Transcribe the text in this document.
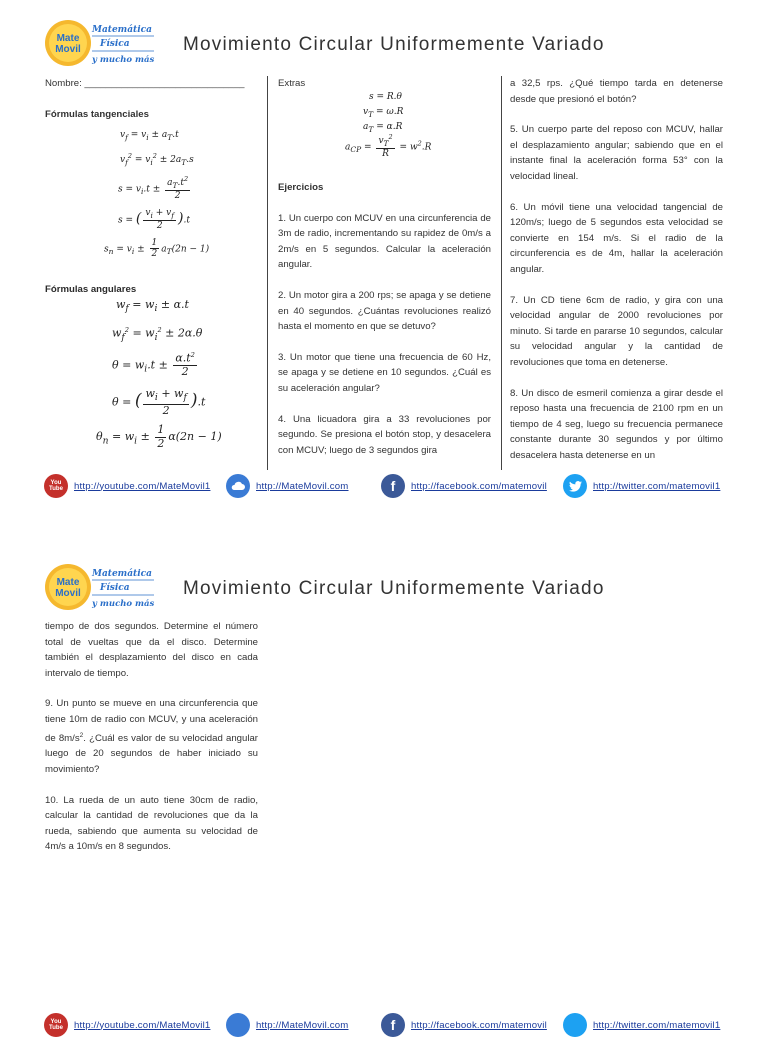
Mate
Movil
Matemática
Física
y mucho más
Movimiento Circular Uniformemente Variado
Nombre: ______________________________
Fórmulas tangenciales
$v_f = v_i \pm a_T.t$
$v_f^2 = v_i^2 \pm 2a_T.s$
$s = v_i.t \pm \frac{a_T.t^2}{2}$
s = ( $\frac{v_i + v_f}{2} ).t$
$s_n = v_i \pm \frac{1}{2} a_T(2n - 1)$
Fórmulas angulares
$w_f = w_i \pm \alpha.t$
$w_f^2 = w_i^2 \pm 2\alpha.\theta$
$\theta = w_i.t \pm \frac{\alpha.t^2}{2}$
θ = ( $\frac{w_i + w_f}{2} ).t$
$\theta_n = w_i \pm \frac{1}{2} \alpha(2n - 1)$
Extras
s = R.θ
$v_T = \omega.R$
$a_T = \alpha.R$
$a_{CP} = \frac{v_T^2}{R} = w^2.R$

Ejercicios

1. Un cuerpo con MCUV en una circunferencia de 3m de radio, incrementando su rapidez de 0m/s a 2m/s en 5 segundos. Calcular la aceleración angular.

2. Un motor gira a 200 rps; se apaga y se detiene en 40 segundos. ¿Cuántas revoluciones realizó hasta el momento en que se detuvo?

3. Un motor que tiene una frecuencia de 60 Hz, se apaga y se detiene en 10 segundos. ¿Cuál es su aceleración angular?

4. Una licuadora gira a 33 revoluciones por segundo. Se presiona el botón stop, y desacelera con MCUV; luego de 3 segundos gira

a 32,5 rps. ¿Qué tiempo tarda en detenerse desde que presionó el botón?

5. Un cuerpo parte del reposo con MCUV, hallar el desplazamiento angular; sabiendo que en el instante final la aceleración forma 53° con la velocidad lineal.

6. Un móvil tiene una velocidad tangencial de 120m/s; luego de 5 segundos esta velocidad se convierte en 154 m/s. Si el radio de la circunferencia es de 4m, hallar la aceleración angular.

7. Un CD tiene 6cm de radio, y gira con una velocidad angular de 2000 revoluciones por minuto. Si tarde en pararse 10 segundos, calcular su velocidad angular y la cantidad de revoluciones que toma en detenerse.

8. Un disco de esmeril comienza a girar desde el reposo hasta una frecuencia de 2100 rpm en un tiempo de 4 seg, luego su frecuencia permanece constante durante 30 segundos y por último desacelera hasta detenerse en un

You Tube	http://youtube.com/MateMovil1	http://MateMovil.com	f http://facebook.com/matemovil	http://twitter.com/matemovil1
Mate
Movil
Matemática
Física
y mucho más
Movimiento Circular Uniformemente Variado

tiempo de dos segundos. Determine el número total de vueltas que da el disco. Determine también el desplazamiento del disco en cada intervalo de tiempo.

9. Un punto se mueve en una circunferencia que tiene 10m de radio con MCUV, y una aceleración de $8m/s^2$. ¿Cuál es valor de su velocidad angular luego de 20 segundos de haber iniciado su movimiento?

10. La rueda de un auto tiene 30cm de radio, calcular la cantidad de revoluciones que da la rueda, sabiendo que aumenta su velocidad de 4m/s a 10m/s en 8 segundos.

You Tube	http://youtube.com/MateMovil1	http://MateMovil.com	f http://facebook.com/matemovil	http://twitter.com/matemovil1
